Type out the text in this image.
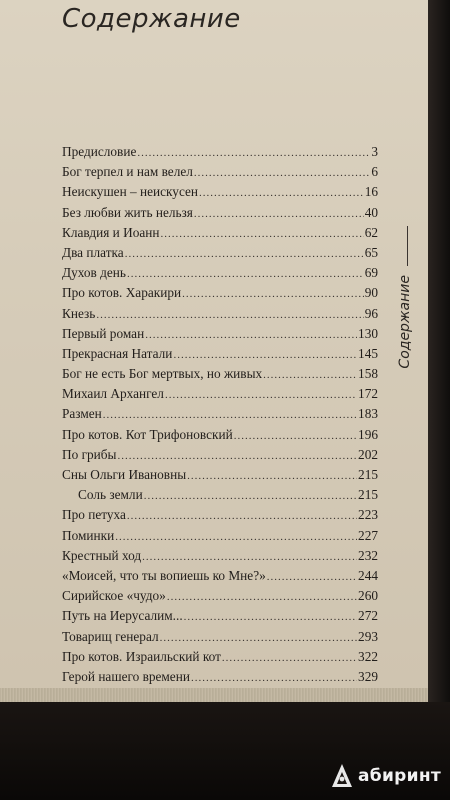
Содержание
Предисловие .....	3
Бог терпел и нам велел .....	6
Неискушен – неискусен .....	16
Без любви жить нельзя .....	40
Клавдия и Иоанн .....	62
Два платка .....	65
Духов день .....	69
Про котов. Харакири .....	90
Кнезь .....	96
Первый роман .....	130
Прекрасная Натали .....	145
Бог не есть Бог мертвых, но живых .....	158
Михаил Архангел .....	172
Размен .....	183
Про котов. Кот Трифоновский .....	196
По грибы .....	202
Сны Ольги Ивановны .....	215
Соль земли .....	215
Про петуха .....	223
Поминки .....	227
Крестный ход .....	232
«Моисей, что ты вопиешь ко Мне?» .....	244
Сирийское «чудо» .....	260
Путь на Иерусалим... .....	272
Товарищ генерал .....	293
Про котов. Израильский кот .....	322
Герой нашего времени .....	329
.....
Содержание
абиринт
